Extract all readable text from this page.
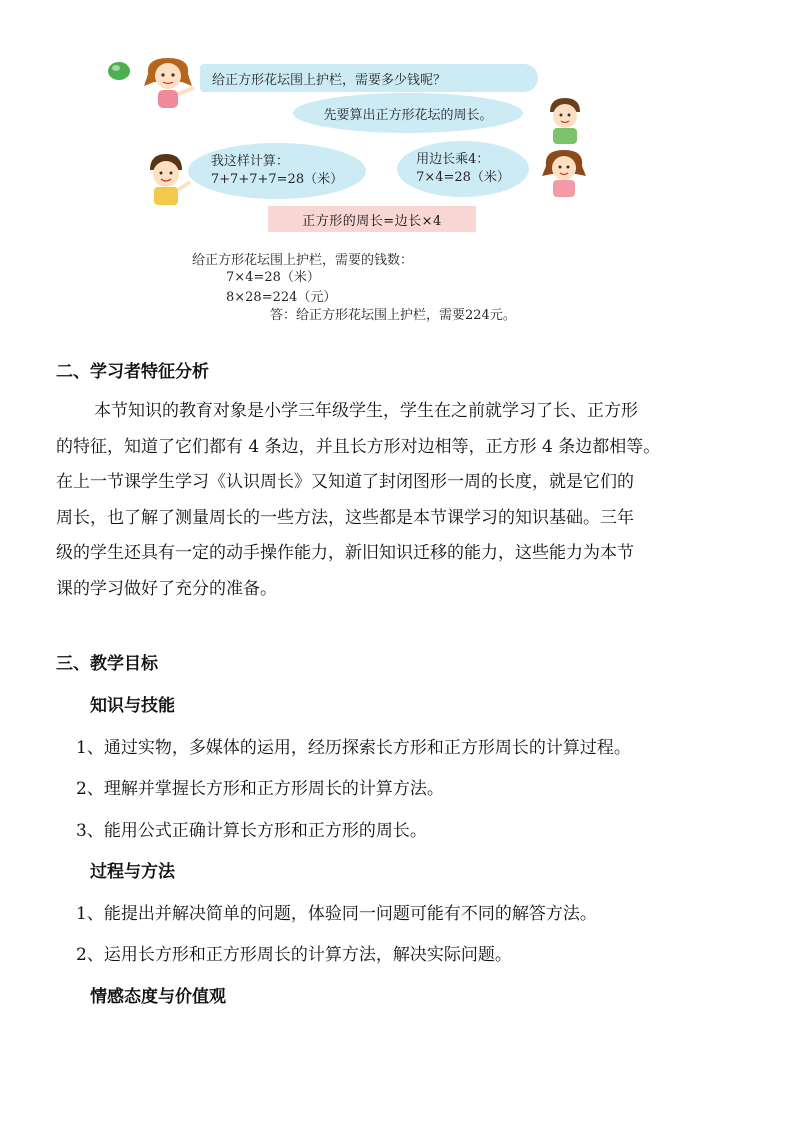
给正方形花坛围上护栏，需要多少钱呢？
先要算出正方形花坛的周长。
我这样计算：
7+7+7+7=28（米）
用边长乘4：
7×4=28（米）
正方形的周长=边长×4
给正方形花坛围上护栏，需要的钱数：
7×4=28（米）
8×28=224（元）
答：给正方形花坛围上护栏，需要224元。
二、学习者特征分析
本节知识的教育对象是小学三年级学生，学生在之前就学习了长、正方形
的特征，知道了它们都有 4 条边，并且长方形对边相等，正方形 4 条边都相等。
在上一节课学生学习《认识周长》又知道了封闭图形一周的长度，就是它们的
周长，也了解了测量周长的一些方法，这些都是本节课学习的知识基础。三年
级的学生还具有一定的动手操作能力，新旧知识迁移的能力，这些能力为本节
课的学习做好了充分的准备。
三、教学目标
知识与技能
1、通过实物，多媒体的运用，经历探索长方形和正方形周长的计算过程。
2、理解并掌握长方形和正方形周长的计算方法。
3、能用公式正确计算长方形和正方形的周长。
过程与方法
1、能提出并解决简单的问题，体验同一问题可能有不同的解答方法。
2、运用长方形和正方形周长的计算方法，解决实际问题。
情感态度与价值观
